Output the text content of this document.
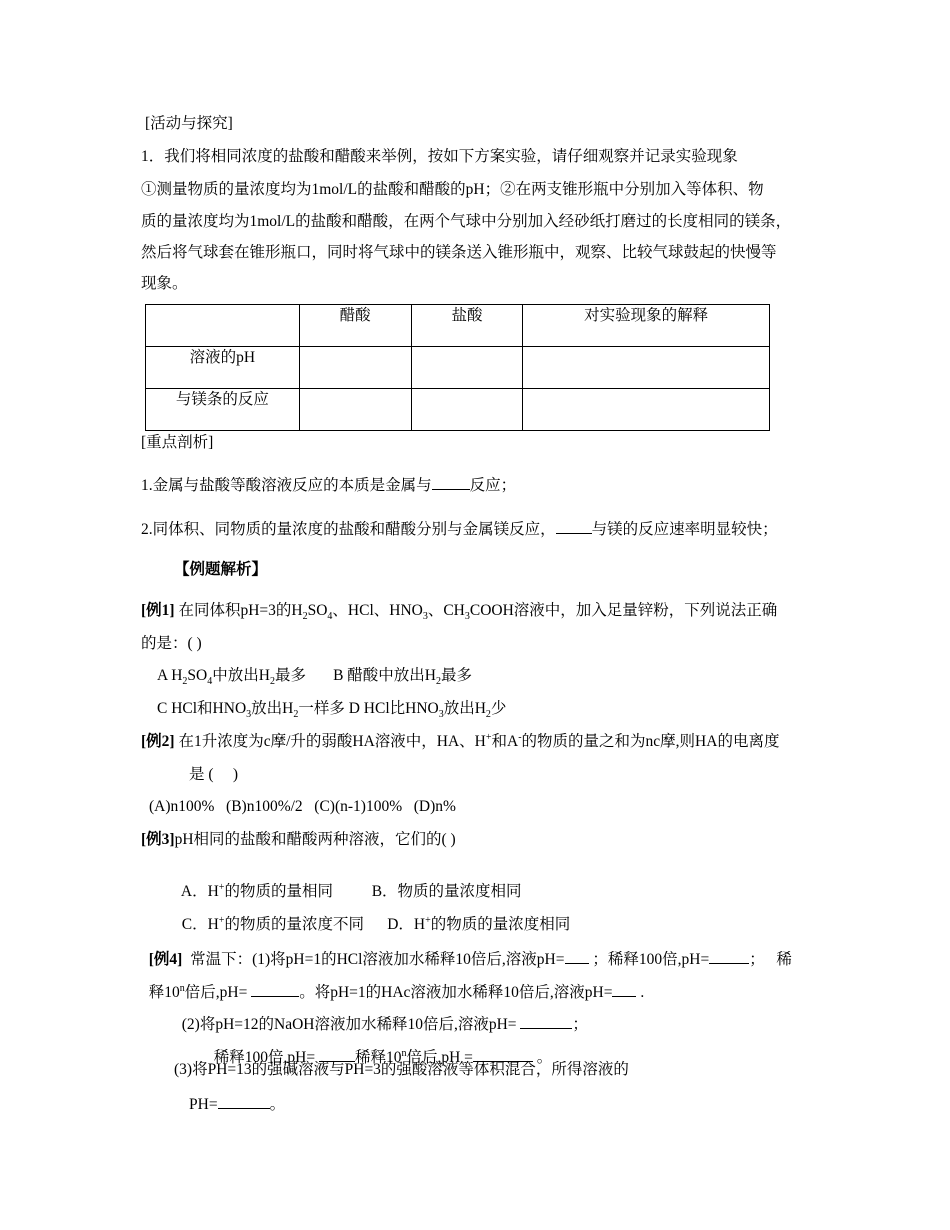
[活动与探究]
1．我们将相同浓度的盐酸和醋酸来举例，按如下方案实验，请仔细观察并记录实验现象
①测量物质的量浓度均为1mol/L的盐酸和醋酸的pH；②在两支锥形瓶中分别加入等体积、物
质的量浓度均为1mol/L的盐酸和醋酸，在两个气球中分别加入经砂纸打磨过的长度相同的镁条，
然后将气球套在锥形瓶口，同时将气球中的镁条送入锥形瓶中，观察、比较气球鼓起的快慢等
现象。
	醋酸	盐酸	对实验现象的解释
溶液的pH			
与镁条的反应			
[重点剖析]
1.金属与盐酸等酸溶液反应的本质是金属与 反应；
2.同体积、同物质的量浓度的盐酸和醋酸分别与金属镁反应， 与镁的反应速率明显较快；
【例题解析】
[例1] 在同体积pH=3的$H_2SO_4$、HCl、$HNO_3$、$CH_3COOH$溶液中，加入足量锌粉，下列说法正确
的是：( )
A $H_2SO_4$中放出$H_2$最多       B 醋酸中放出$H_2$最多
C HCl和$HNO_3$放出$H_2$一样多 D HCl比$HNO_3$放出$H_2$少
[例2] 在1升浓度为c摩/升的弱酸HA溶液中，HA、H+和A-的物质的量之和为nc摩,则HA的电离度
是 (     )
(A)n100%   (B)n100%/2   (C)(n-1)100%   (D)n%
[例3]pH相同的盐酸和醋酸两种溶液，它们的( )

A．H+的物质的量相同          B．物质的量浓度相同

C．H+的物质的量浓度不同      D．H+的物质的量浓度相同

[例4]  常温下：(1)将pH=1的HCl溶液加水稀释10倍后,溶液pH= ；稀释100倍,pH=	；   稀

释10$^n$倍后,pH=	。将pH=1的HAc溶液加水稀释10倍后,溶液pH= .

(2)将pH=12的NaOH溶液加水稀释10倍后,溶液pH=	；

稀释100倍,pH= 稀释10$^n$倍后,pH =	。

(3)将PH=13的强碱溶液与PH=3的强酸溶液等体积混合，所得溶液的
PH=	。
